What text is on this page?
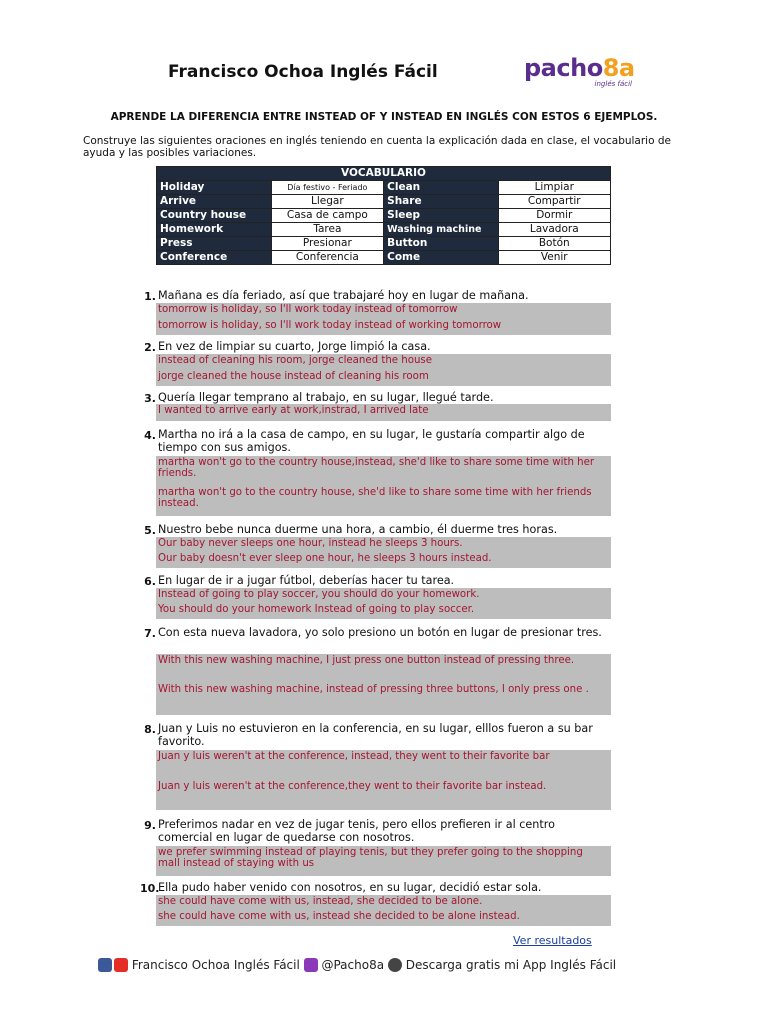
Francisco Ochoa Inglés Fácil	pacho8a
inglés fácil
APRENDE LA DIFERENCIA ENTRE INSTEAD OF Y INSTEAD EN INGLÉS CON ESTOS 6 EJEMPLOS.
Construye las siguientes oraciones en inglés teniendo en cuenta la explicación dada en clase, el vocabulario de ayuda y las posibles variaciones.
VOCABULARIO			
Holiday	Día festivo - Feriado	Clean	Limpiar
Arrive	Llegar	Share	Compartir
Country house	Casa de campo	Sleep	Dormir
Homework	Tarea	Washing machine	Lavadora
Press	Presionar	Button	Botón
Conference	Conferencia	Come	Venir
1. Mañana es día feriado, así que trabajaré hoy en lugar de mañana.
tomorrow is holiday, so I'll work today instead of tomorrow
tomorrow is holiday, so I'll work today instead of working tomorrow
2. En vez de limpiar su cuarto, Jorge limpió la casa.
instead of cleaning his room, jorge cleaned the house
jorge cleaned the house instead of cleaning his room
3. Quería llegar temprano al trabajo, en su lugar, llegué tarde.
I wanted to arrive early at work,instrad, I arrived late
4. Martha no irá a la casa de campo, en su lugar, le gustaría compartir algo de tiempo con sus amigos.
martha won't go to the country house,instead, she'd like to share some time with her friends.
martha won't go to the country house, she'd like to share some time with her friends instead.
5. Nuestro bebe nunca duerme una hora, a cambio, él duerme tres horas.
Our baby never sleeps one hour, instead he sleeps 3 hours.
Our baby doesn't ever sleep one hour, he sleeps 3 hours instead.
6. En lugar de ir a jugar fútbol, deberías hacer tu tarea.
Instead of going to play soccer, you should do your homework.
You should do your homework Instead of going to play soccer.
7. Con esta nueva lavadora, yo solo presiono un botón en lugar de presionar tres.
With this new washing machine, I just press one button instead of pressing three.
With this new washing machine, instead of pressing three buttons, I only press one .
8. Juan y Luis no estuvieron en la conferencia, en su lugar, elllos fueron a su bar favorito.
Juan y luis weren't at the conference, instead, they went to their favorite bar
Juan y luis weren't at the conference,they went to their favorite bar instead.
9. Preferimos nadar en vez de jugar tenis, pero ellos prefieren ir al centro comercial en lugar de quedarse con nosotros.
we prefer swimming instead of playing tenis, but they prefer going to the shopping mall instead of staying with us
10.
Ella pudo haber venido con nosotros, en su lugar, decidió estar sola.
she could have come with us, instead, she decided to be alone.
she could have come with us, instead she decided to be alone instead.
Ver resultados
Francisco Ochoa Inglés Fácil @Pacho8a Descarga gratis mi App Inglés Fácil
